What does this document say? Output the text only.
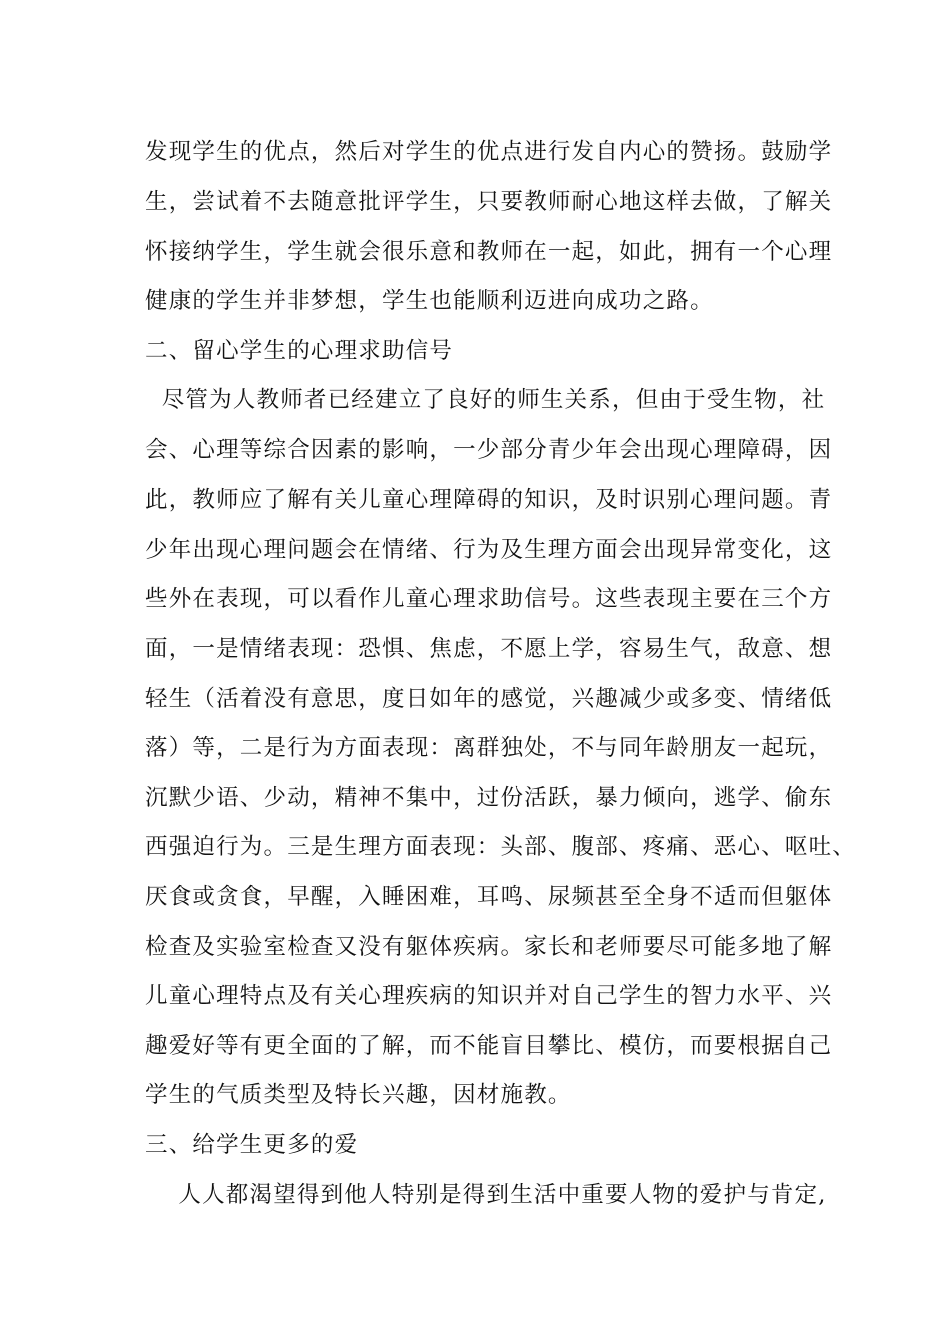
发现学生的优点，然后对学生的优点进行发自内心的赞扬。鼓励学

生，尝试着不去随意批评学生，只要教师耐心地这样去做，了解关

怀接纳学生，学生就会很乐意和教师在一起，如此，拥有一个心理

健康的学生并非梦想，学生也能顺利迈进向成功之路。

二、留心学生的心理求助信号

尽管为人教师者已经建立了良好的师生关系，但由于受生物，社

会、心理等综合因素的影响，一少部分青少年会出现心理障碍，因

此，教师应了解有关儿童心理障碍的知识，及时识别心理问题。青

少年出现心理问题会在情绪、行为及生理方面会出现异常变化，这

些外在表现，可以看作儿童心理求助信号。这些表现主要在三个方

面，一是情绪表现：恐惧、焦虑，不愿上学，容易生气，敌意、想

轻生（活着没有意思，度日如年的感觉，兴趣减少或多变、情绪低

落）等，二是行为方面表现：离群独处，不与同年龄朋友一起玩，

沉默少语、少动，精神不集中，过份活跃，暴力倾向，逃学、偷东

西强迫行为。三是生理方面表现：头部、腹部、疼痛、恶心、呕吐、

厌食或贪食，早醒，入睡困难，耳鸣、尿频甚至全身不适而但躯体

检查及实验室检查又没有躯体疾病。家长和老师要尽可能多地了解

儿童心理特点及有关心理疾病的知识并对自己学生的智力水平、兴

趣爱好等有更全面的了解，而不能盲目攀比、模仿，而要根据自己

学生的气质类型及特长兴趣，因材施教。

三、给学生更多的爱

人人都渴望得到他人特别是得到生活中重要人物的爱护与肯定,
